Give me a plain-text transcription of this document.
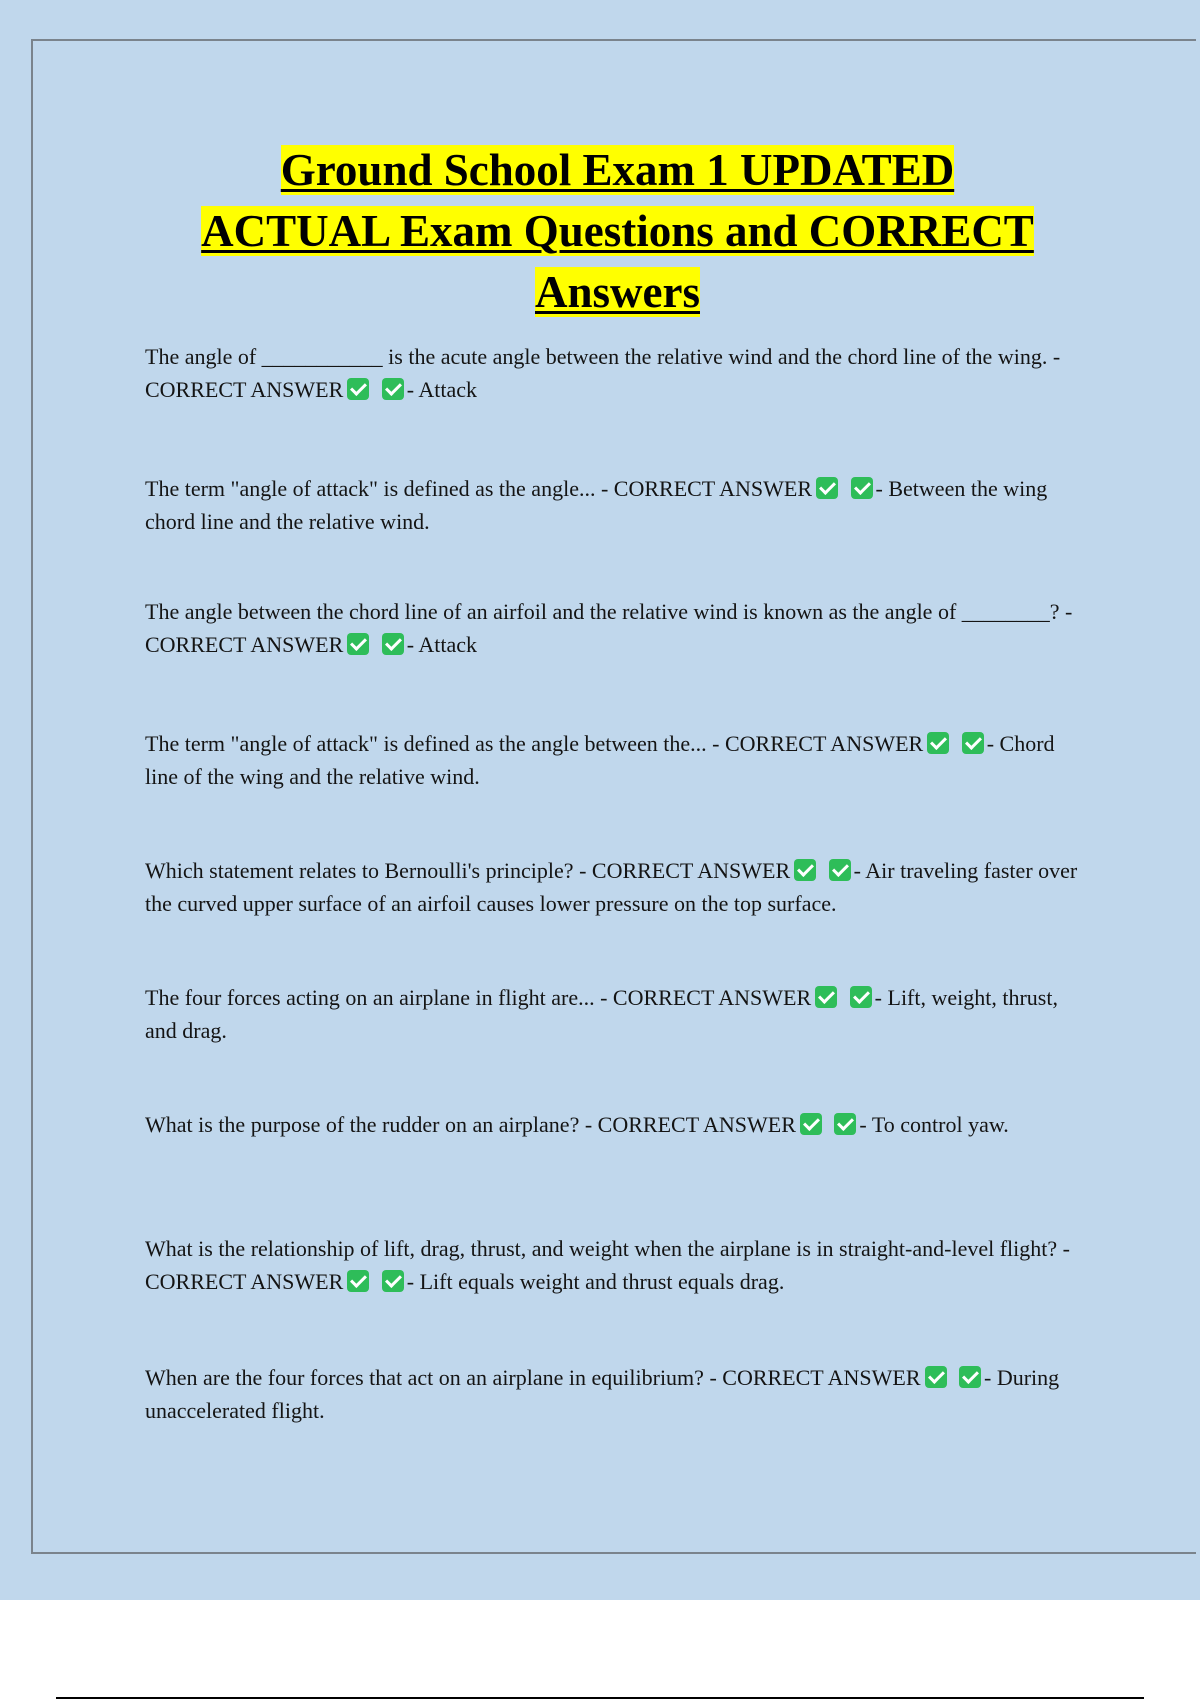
Ground School Exam 1 UPDATED
ACTUAL Exam Questions and CORRECT
Answers

The angle of ___________ is the acute angle between the relative wind and the chord line of the wing. - CORRECT ANSWER	- Attack

The term "angle of attack" is defined as the angle... - CORRECT ANSWER	- Between the wing chord line and the relative wind.

The angle between the chord line of an airfoil and the relative wind is known as the angle of ________? - CORRECT ANSWER	- Attack

The term "angle of attack" is defined as the angle between the... - CORRECT ANSWER	- Chord line of the wing and the relative wind.

Which statement relates to Bernoulli's principle? - CORRECT ANSWER	- Air traveling faster over the curved upper surface of an airfoil causes lower pressure on the top surface.

The four forces acting on an airplane in flight are... - CORRECT ANSWER	- Lift, weight, thrust, and drag.

What is the purpose of the rudder on an airplane? - CORRECT ANSWER	- To control yaw.

What is the relationship of lift, drag, thrust, and weight when the airplane is in straight-and-level flight? - CORRECT ANSWER	- Lift equals weight and thrust equals drag.

When are the four forces that act on an airplane in equilibrium? - CORRECT ANSWER	- During unaccelerated flight.
